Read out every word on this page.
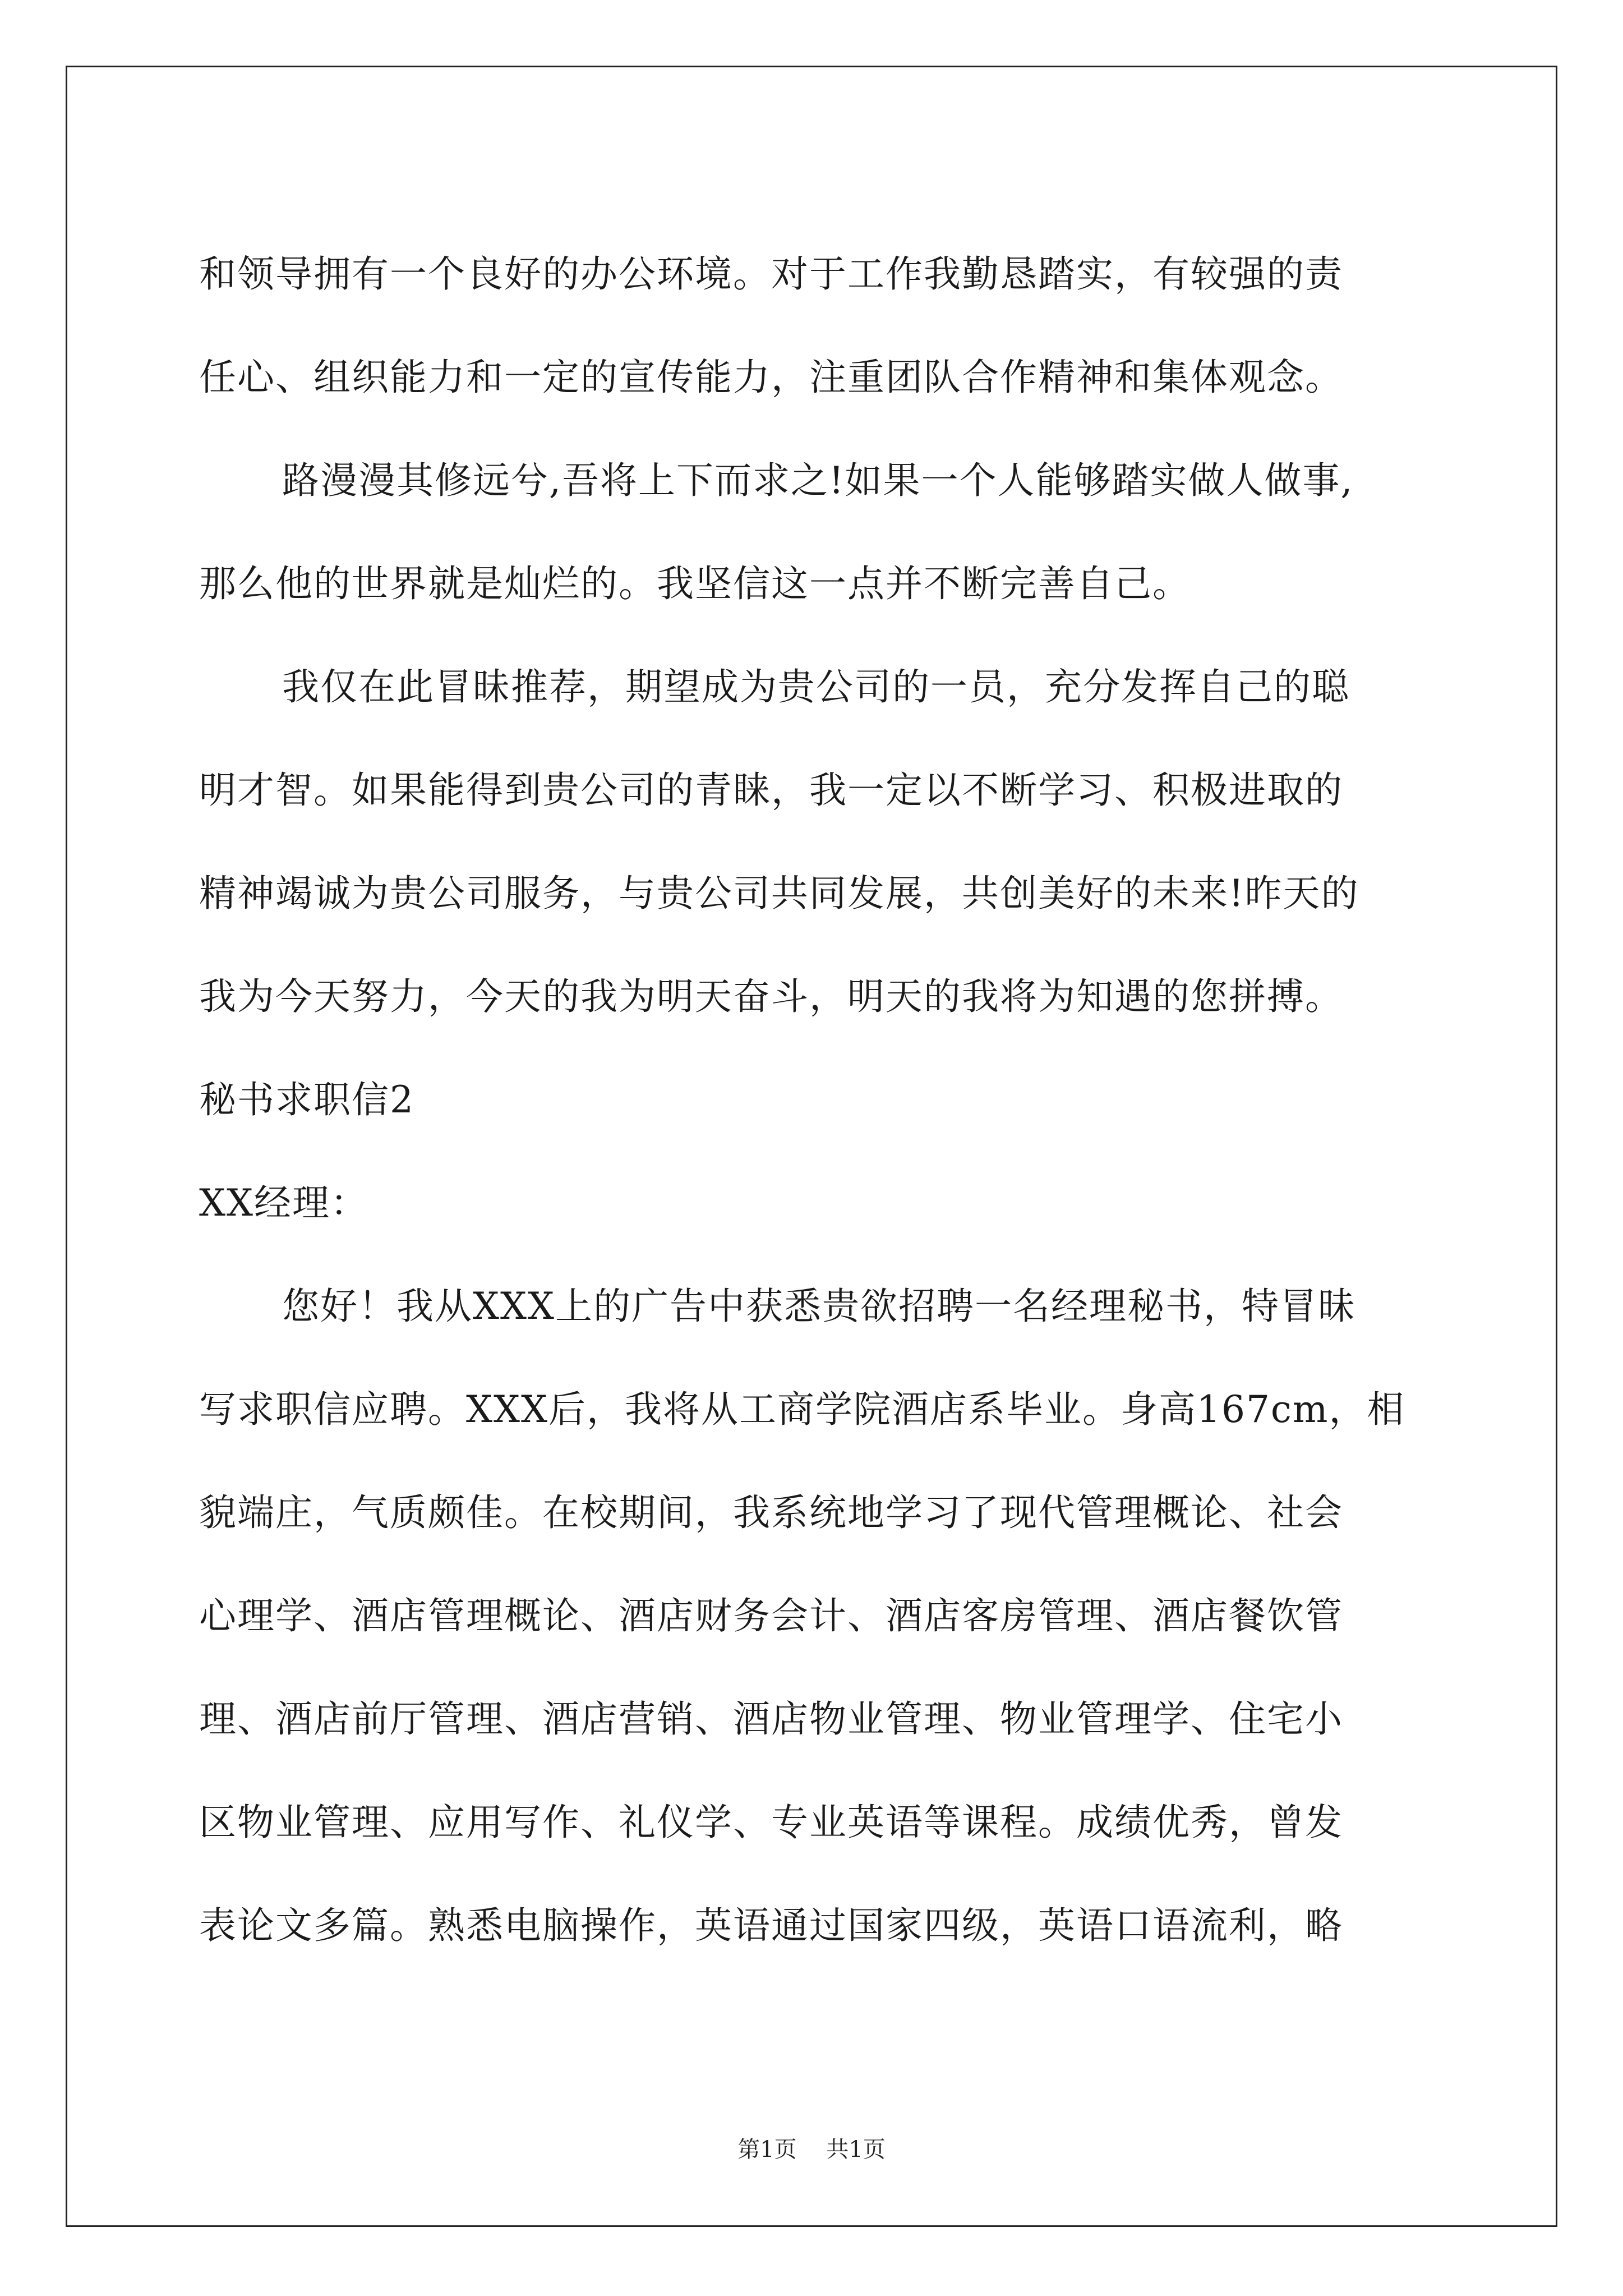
和领导拥有一个良好的办公环境。对于工作我勤恳踏实，有较强的责
任心、组织能力和一定的宣传能力，注重团队合作精神和集体观念。
路漫漫其修远兮,吾将上下而求之!如果一个人能够踏实做人做事,
那么他的世界就是灿烂的。我坚信这一点并不断完善自己。
我仅在此冒昧推荐，期望成为贵公司的一员，充分发挥自己的聪
明才智。如果能得到贵公司的青睐，我一定以不断学习、积极进取的
精神竭诚为贵公司服务，与贵公司共同发展，共创美好的未来!昨天的
我为今天努力，今天的我为明天奋斗，明天的我将为知遇的您拼搏。
秘书求职信2
XX经理：
您好！我从XXX上的广告中获悉贵欲招聘一名经理秘书，特冒昧
写求职信应聘。XXX后，我将从工商学院酒店系毕业。身高167cm，相
貌端庄，气质颇佳。在校期间，我系统地学习了现代管理概论、社会
心理学、酒店管理概论、酒店财务会计、酒店客房管理、酒店餐饮管
理、酒店前厅管理、酒店营销、酒店物业管理、物业管理学、住宅小
区物业管理、应用写作、礼仪学、专业英语等课程。成绩优秀，曾发
表论文多篇。熟悉电脑操作，英语通过国家四级，英语口语流利，略
第1页 共1页
